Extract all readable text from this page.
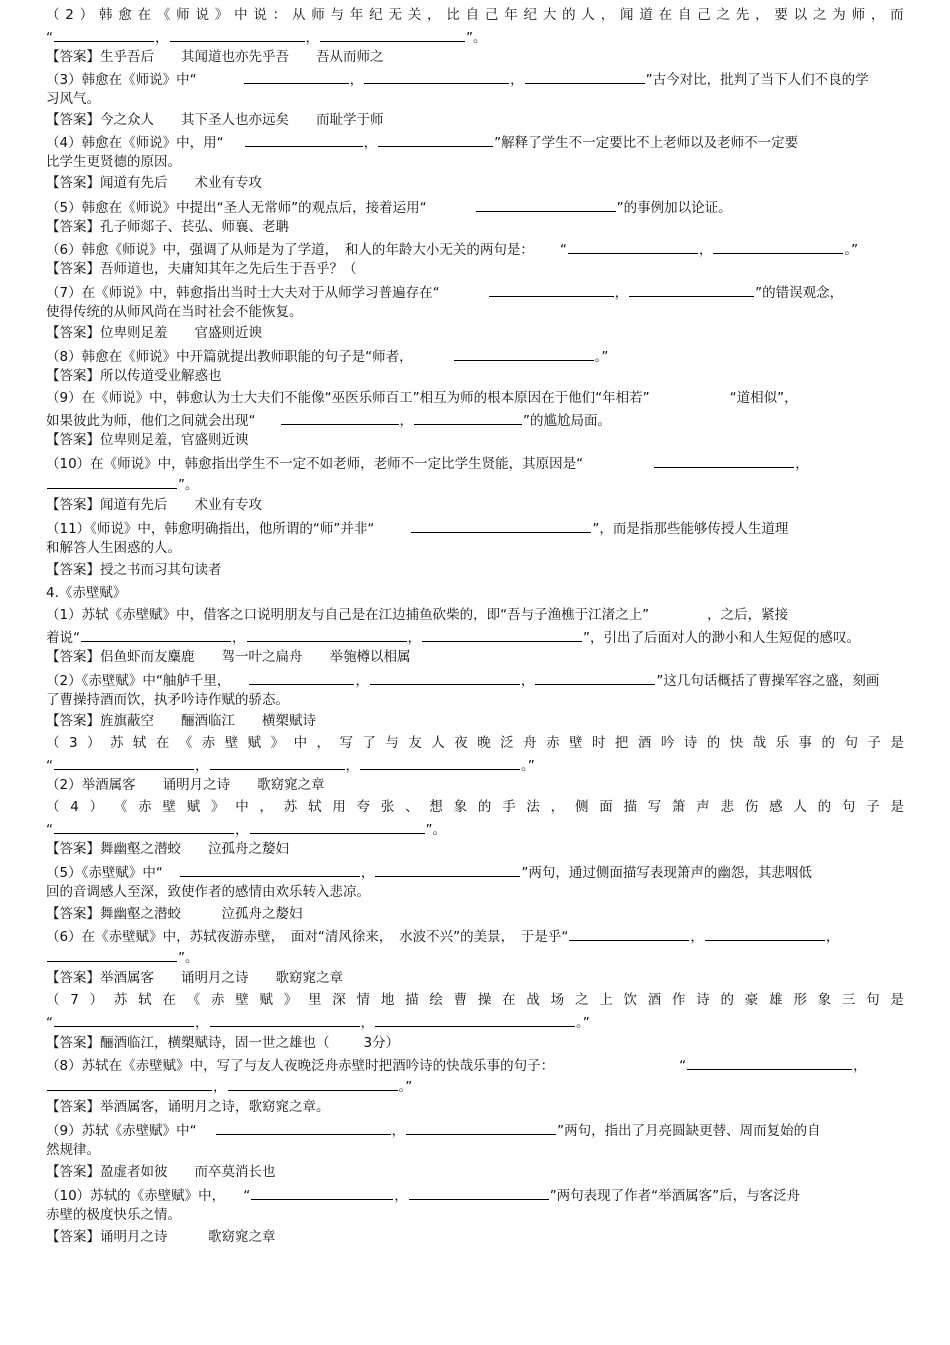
（ 2 ） 韩 愈 在 《 师 说 》 中 说 ： 从 师 与 年 纪 无 关 ， 比 自 己 年 纪 大 的 人 ， 闻 道 在 自 己 之 先 ， 要 以 之 为 师 ， 而
“	，	，	”。
【答案】生乎吾后　　其闻道也亦先乎吾　　吾从而师之
（3）韩愈在《师说》中“	，	，	”古今对比，批判了当下人们不良的学
习风气。
【答案】今之众人　　其下圣人也亦远矣　　而耻学于师
（4）韩愈在《师说》中，用“	，	”解释了学生不一定要比不上老师以及老师不一定要
比学生更贤德的原因。
【答案】闻道有先后　　术业有专攻
（5）韩愈在《师说》中提出“圣人无常师”的观点后，接着运用“	”的事例加以论证。
【答案】孔子师郯子、苌弘、师襄、老聃
（6）韩愈《师说》中，强调了从师是为了学道，　和人的年龄大小无关的两句是： “	，	。”
【答案】吾师道也，夫庸知其年之先后生于吾乎？（
（7）在《师说》中，韩愈指出当时士大夫对于从师学习普遍存在“	，	”的错误观念，
使得传统的从师风尚在当时社会不能恢复。
【答案】位卑则足羞　　官盛则近谀
（8）韩愈在《师说》中开篇就提出教师职能的句子是“师者，	。”
【答案】所以传道受业解惑也
（9）在《师说》中，韩愈认为士大夫们不能像“巫医乐师百工”相互为师的根本原因在于他们“年相若”	“道相似”，
如果彼此为师，他们之间就会出现“	，	”的尴尬局面。
【答案】位卑则足羞，官盛则近谀
（10）在《师说》中，韩愈指出学生不一定不如老师，老师不一定比学生贤能，其原因是“	，
”。
【答案】闻道有先后　　术业有专攻
（11）《师说》中，韩愈明确指出，他所谓的“师”并非“	”，而是指那些能够传授人生道理
和解答人生困惑的人。
【答案】授之书而习其句读者
4.《赤壁赋》
（1）苏轼《赤壁赋》中，借客之口说明朋友与自己是在江边捕鱼砍柴的，即“吾与子渔樵于江渚之上”	，之后，紧接
着说“	，	，	”，引出了后面对人的渺小和人生短促的感叹。
【答案】侣鱼虾而友麋鹿　　驾一叶之扁舟　　举匏樽以相属
（2）《赤壁赋》中“舳舻千里，	，	，	”这几句话概括了曹操军容之盛，刻画
了曹操持酒而饮，执矛吟诗作赋的骄态。
【答案】旌旗蔽空　　酾酒临江　　横槊赋诗
（ 3 ） 苏 轼 在 《 赤 壁 赋 》 中 ， 写 了 与 友 人 夜 晚 泛 舟 赤 壁 时 把 酒 吟 诗 的 快 哉 乐 事 的 句 子 是
“	，	，	。”
（2）举酒属客　　诵明月之诗　　歌窈窕之章
（ 4 ） 《 赤 壁 赋 》 中 ， 苏 轼 用 夸 张 、 想 象 的 手 法 ， 侧 面 描 写 箫 声 悲 伤 感 人 的 句 子 是
“	，	”。
【答案】舞幽壑之潜蛟　　泣孤舟之嫠妇
（5）《赤壁赋》中“	，	”两句，通过侧面描写表现箫声的幽怨，其悲咽低
回的音调感人至深，致使作者的感情由欢乐转入悲凉。
【答案】舞幽壑之潜蛟　　　泣孤舟之嫠妇
（6）在《赤壁赋》中，苏轼夜游赤壁，　面对“清风徐来，　水波不兴”的美景，　于是乎“	，	，
”。
【答案】举酒属客　　诵明月之诗　　歌窈窕之章
（ 7 ） 苏 轼 在 《 赤 壁 赋 》 里 深 情 地 描 绘 曹 操 在 战 场 之 上 饮 酒 作 诗 的 豪 雄 形 象 三 句 是
“	，	，	。”
【答案】酾酒临江，横槊赋诗，固一世之雄也（	3分）
（8）苏轼在《赤壁赋》中，写了与友人夜晚泛舟赤壁时把酒吟诗的快哉乐事的句子：	“	，
，	。”
【答案】举酒属客，诵明月之诗，歌窈窕之章。
（9）苏轼《赤壁赋》中“	，	”两句，指出了月亮圆缺更替、周而复始的自
然规律。
【答案】盈虚者如彼　　而卒莫消长也
（10）苏轼的《赤壁赋》中， “	，	”两句表现了作者“举酒属客”后，与客泛舟
赤壁的极度快乐之情。
【答案】诵明月之诗　　　歌窈窕之章
